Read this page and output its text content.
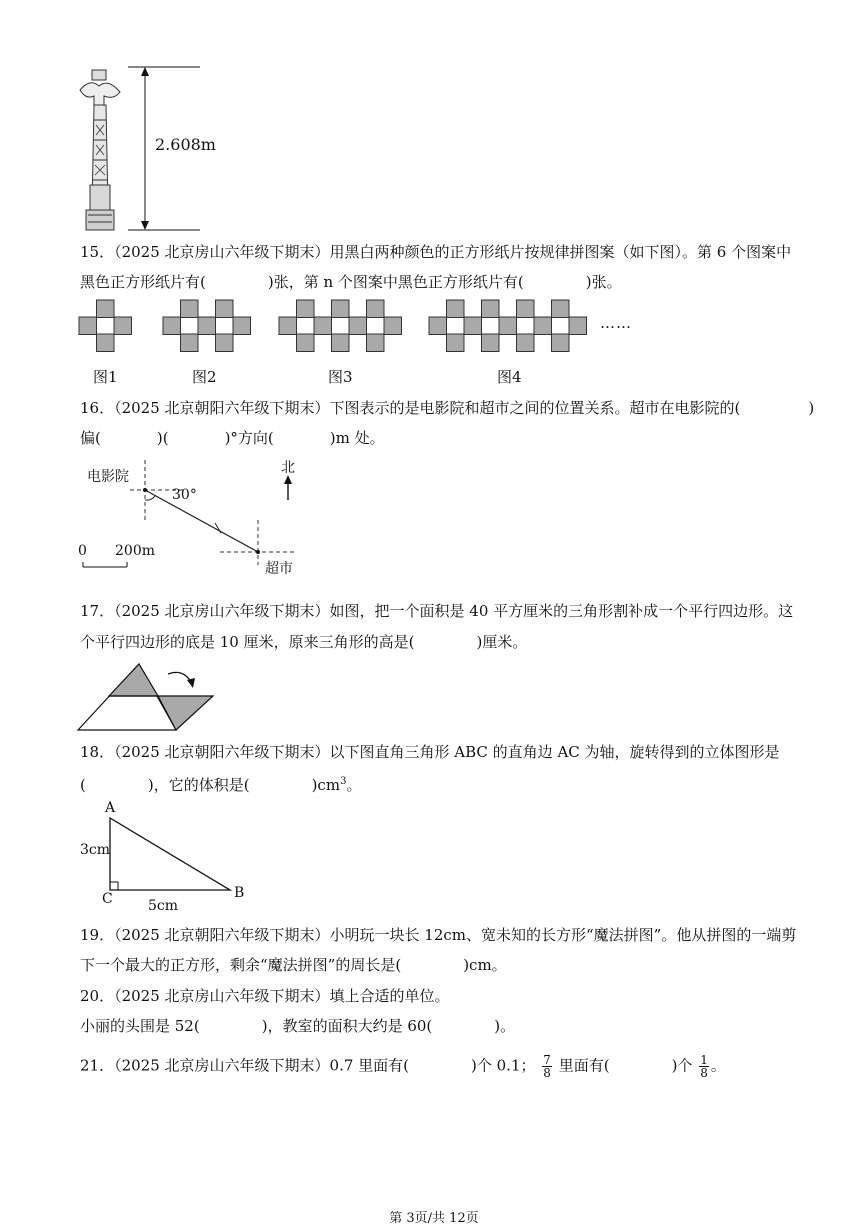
2.608m
15．（2025 北京房山六年级下期末）用黑白两种颜色的正方形纸片按规律拼图案（如下图）。第 6 个图案中
黑色正方形纸片有(	)张，第 n 个图案中黑色正方形纸片有(	)张。
……
图1	图2	图3	图4
16．（2025 北京朝阳六年级下期末）下图表示的是电影院和超市之间的位置关系。超市在电影院的(	)
偏(	)(	)°方向(	)m 处。
电影院
30°
北
0 200m
超市
17．（2025 北京房山六年级下期末）如图，把一个面积是 40 平方厘米的三角形割补成一个平行四边形。这
个平行四边形的底是 10 厘米，原来三角形的高是(	)厘米。
18．（2025 北京朝阳六年级下期末）以下图直角三角形 ABC 的直角边 AC 为轴，旋转得到的立体图形是
(	)，它的体积是(	)$cm^3$。
A
3cm
C	5cm
B
19．（2025 北京朝阳六年级下期末）小明玩一块长 12cm、宽未知的长方形“魔法拼图”。他从拼图的一端剪
下一个最大的正方形，剩余“魔法拼图”的周长是(	)cm。
20．（2025 北京房山六年级下期末）填上合适的单位。
小丽的头围是 52(	)，教室的面积大约是 60(	)。
21．（2025 北京房山六年级下期末）0.7 里面有(	)个 0.1； $\frac{7}{8}$ 里面有(	)个 $\frac{1}{8}$ 。
第 3页/共 12页
